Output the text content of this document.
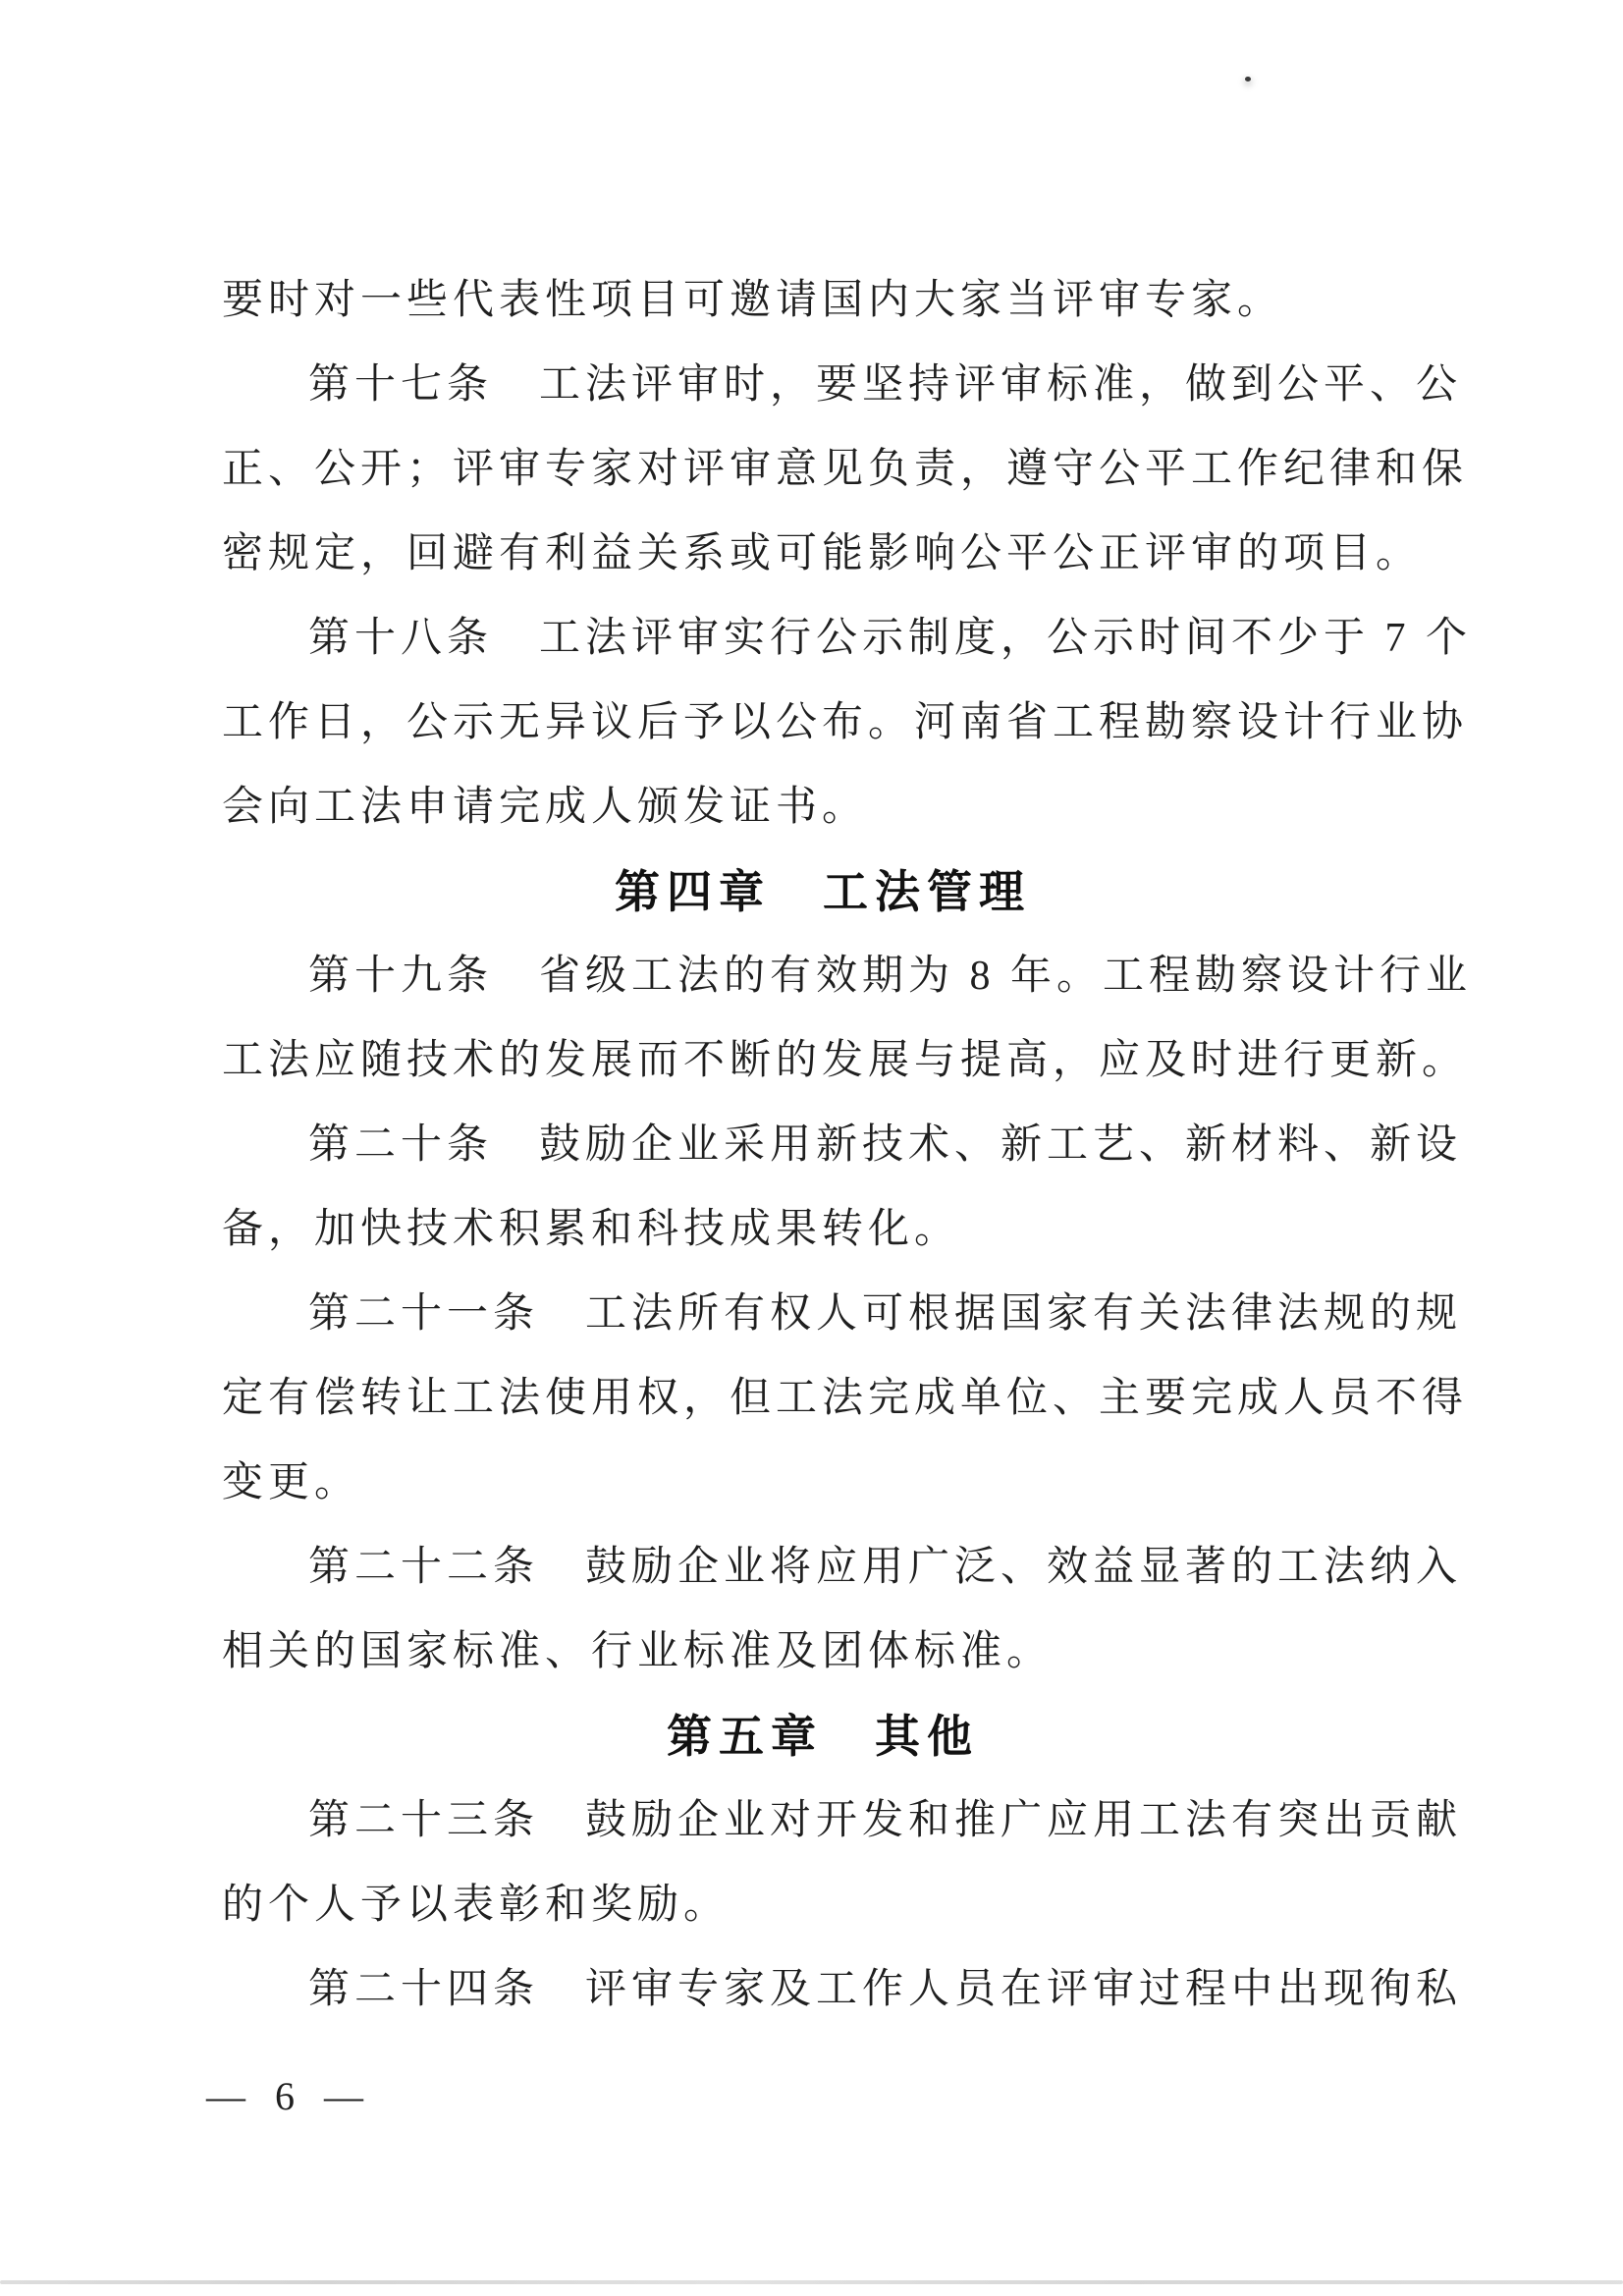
要时对一些代表性项目可邀请国内大家当评审专家。
第十七条　工法评审时，要坚持评审标准，做到公平、公
正、公开；评审专家对评审意见负责，遵守公平工作纪律和保
密规定，回避有利益关系或可能影响公平公正评审的项目。
第十八条　工法评审实行公示制度，公示时间不少于 7 个
工作日，公示无异议后予以公布。河南省工程勘察设计行业协
会向工法申请完成人颁发证书。
第四章　工法管理
第十九条　省级工法的有效期为 8 年。工程勘察设计行业
工法应随技术的发展而不断的发展与提高，应及时进行更新。
第二十条　鼓励企业采用新技术、新工艺、新材料、新设
备，加快技术积累和科技成果转化。
第二十一条　工法所有权人可根据国家有关法律法规的规
定有偿转让工法使用权，但工法完成单位、主要完成人员不得
变更。
第二十二条　鼓励企业将应用广泛、效益显著的工法纳入
相关的国家标准、行业标准及团体标准。
第五章　其他
第二十三条　鼓励企业对开发和推广应用工法有突出贡献
的个人予以表彰和奖励。
第二十四条　评审专家及工作人员在评审过程中出现徇私
— 6 —
